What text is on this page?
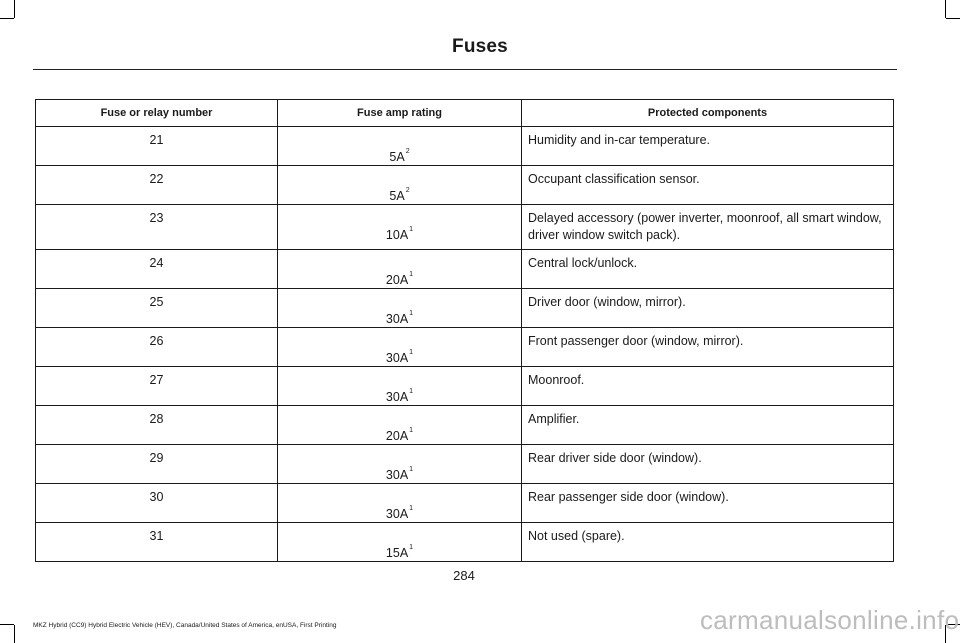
Fuses
Fuse or relay number	Fuse amp rating	Protected components
21	$5A^2$	Humidity and in-car temperature.
22	$5A^2$	Occupant classification sensor.
23	$10A^1$	Delayed accessory (power inverter, moonroof, all smart window, driver window switch pack).
24	$20A^1$	Central lock/unlock.
25	$30A^1$	Driver door (window, mirror).
26	$30A^1$	Front passenger door (window, mirror).
27	$30A^1$	Moonroof.
28	$20A^1$	Amplifier.
29	$30A^1$	Rear driver side door (window).
30	$30A^1$	Rear passenger side door (window).
31	$15A^1$	Not used (spare).
284
MKZ Hybrid (CC9) Hybrid Electric Vehicle (HEV), Canada/United States of America, enUSA, First Printing	carmanualsonline.info
